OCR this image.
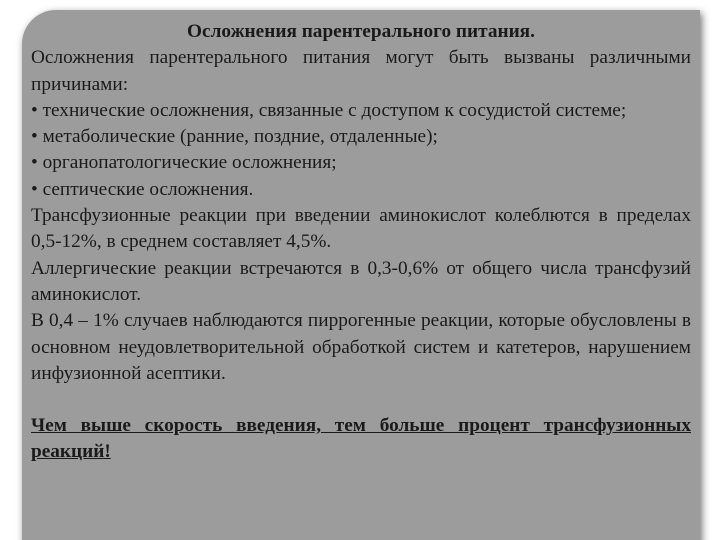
Осложнения парентерального питания.

Осложнения парентерального питания могут быть вызваны различными причинами:

• технические осложнения, связанные с доступом к сосудистой системе;

• метаболические (ранние, поздние, отдаленные);

• органопатологические осложнения;

• септические осложнения.

Трансфузионные реакции при введении аминокислот колеблются в пределах 0,5-12%, в среднем составляет 4,5%.

Аллергические реакции встречаются в 0,3-0,6% от общего числа трансфузий аминокислот.

В 0,4 – 1% случаев наблюдаются пиррогенные реакции, которые обусловлены в основном неудовлетворительной обработкой систем и катетеров, нарушением инфузионной асептики.

Чем выше скорость введения, тем больше процент трансфузионных реакций!
